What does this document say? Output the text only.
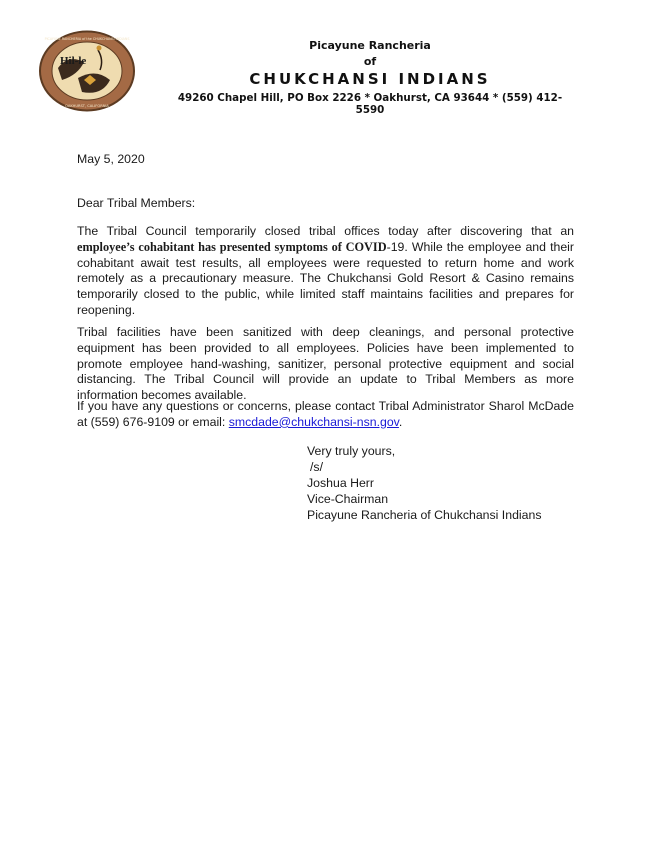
Hil-le
PICAYUNE RANCHERIA of the CHUKCHANSI INDIANS
OAKHURST, CALIFORNIA
Picayune Rancheria
of
CHUKCHANSI INDIANS
49260 Chapel Hill, PO Box 2226 * Oakhurst, CA 93644 * (559) 412-5590
May 5, 2020
Dear Tribal Members:
The Tribal Council temporarily closed tribal offices today after discovering that an employee’s cohabitant has presented symptoms of COVID-19. While the employee and their cohabitant await test results, all employees were requested to return home and work remotely as a precautionary measure. The Chukchansi Gold Resort & Casino remains temporarily closed to the public, while limited staff maintains facilities and prepares for reopening.
Tribal facilities have been sanitized with deep cleanings, and personal protective equipment has been provided to all employees. Policies have been implemented to promote employee hand-washing, sanitizer, personal protective equipment and social distancing. The Tribal Council will provide an update to Tribal Members as more information becomes available.
If you have any questions or concerns, please contact Tribal Administrator Sharol McDade at (559) 676-9109 or email: smcdade@chukchansi-nsn.gov.
Very truly yours,
/s/
Joshua Herr
Vice-Chairman
Picayune Rancheria of Chukchansi Indians
